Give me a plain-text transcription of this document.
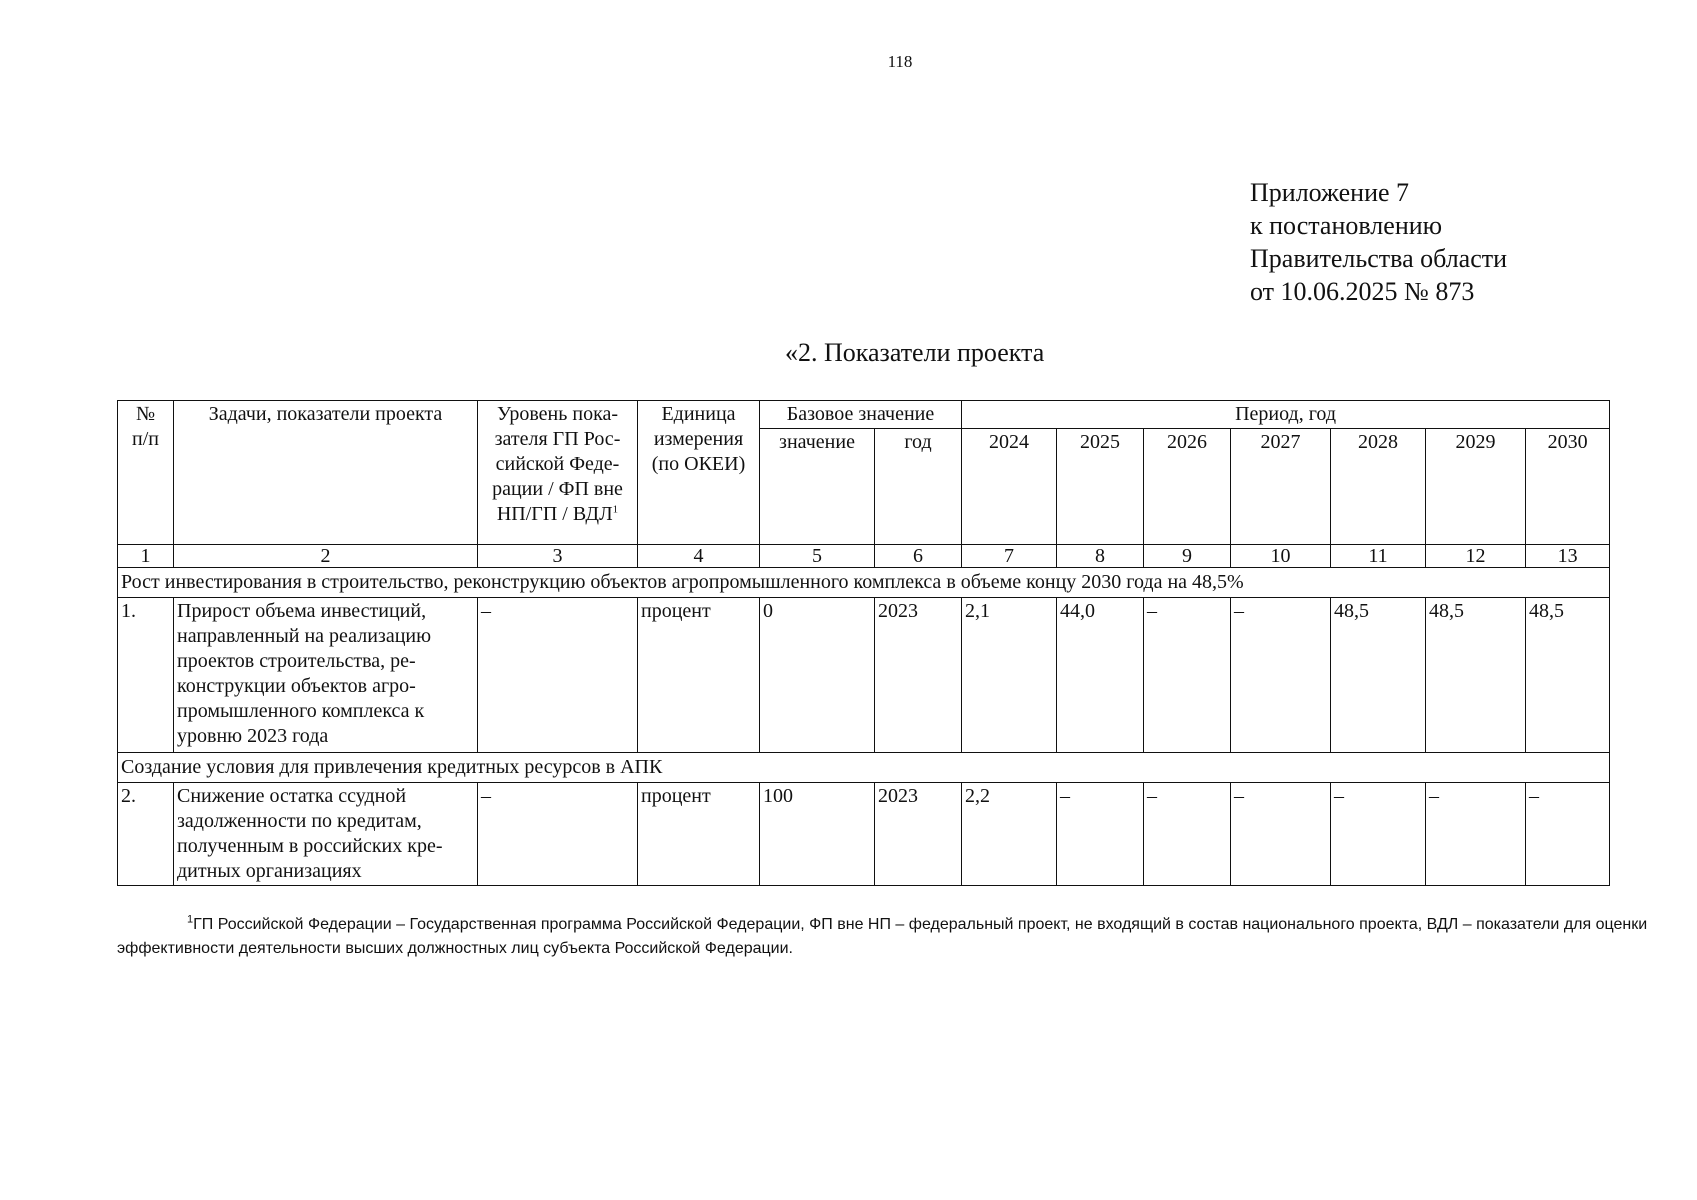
118
Приложение 7
к постановлению
Правительства области
от 10.06.2025 № 873
«2. Показатели проекта
№
п/п	Задачи, показатели проекта	Уровень пока-зателя ГП Рос-сийской Феде-рации / ФП вне НП/ГП / ВДЛ$^1$	Единица измерения (по ОКЕИ)	Базовое значение		Период, год						
				значение	год	2024	2025	2026	2027	2028	2029	2030
1	2	3	4	5	6	7	8	9	10	11	12	13
Рост инвестирования в строительство, реконструкцию объектов агропромышленного комплекса в объеме концу 2030 года на 48,5%												
1.	Прирост объема инвестиций, направленный на реализацию проектов строительства, ре-конструкции объектов агро-промышленного комплекса к уровню 2023 года	–	процент	0	2023	2,1	44,0	–	–	48,5	48,5	48,5
Создание условия для привлечения кредитных ресурсов в АПК												
2.	Снижение остатка ссудной задолженности по кредитам, полученным в российских кре-дитных организациях	–	процент	100	2023	2,2	–	–	–	–	–	–
$^1$ГП Российской Федерации – Государственная программа Российской Федерации, ФП вне НП – федеральный проект, не входящий в состав национального проекта, ВДЛ – показатели для оценки эффективности деятельности высших должностных лиц субъекта Российской Федерации.
